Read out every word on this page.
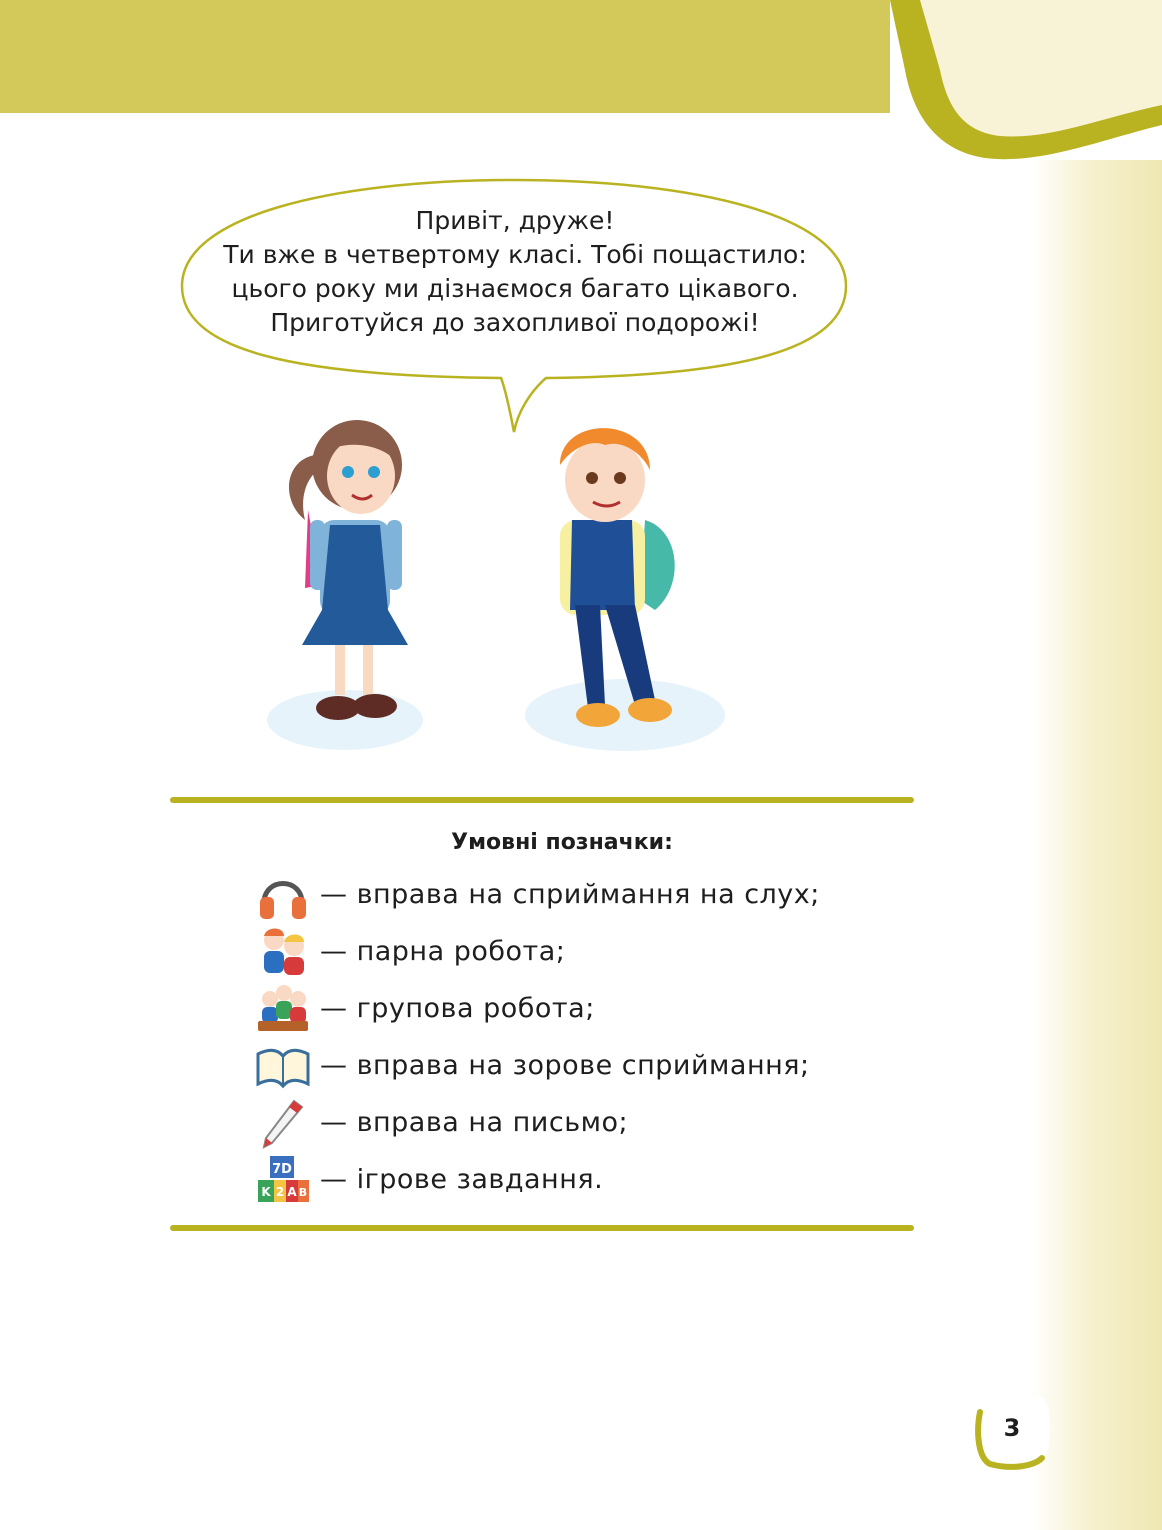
Привіт, друже!
Ти вже в четвертому класі. Тобі пощастило:
цього року ми дізнаємося багато цікавого.
Приготуйся до захопливої подорожі!
Умовні позначки:
— вправа на сприймання на слух;
— парна робота;
— групова робота;
— вправа на зорове сприймання;
— вправа на письмо;
7D
K 2 A B — ігрове завдання.
3
